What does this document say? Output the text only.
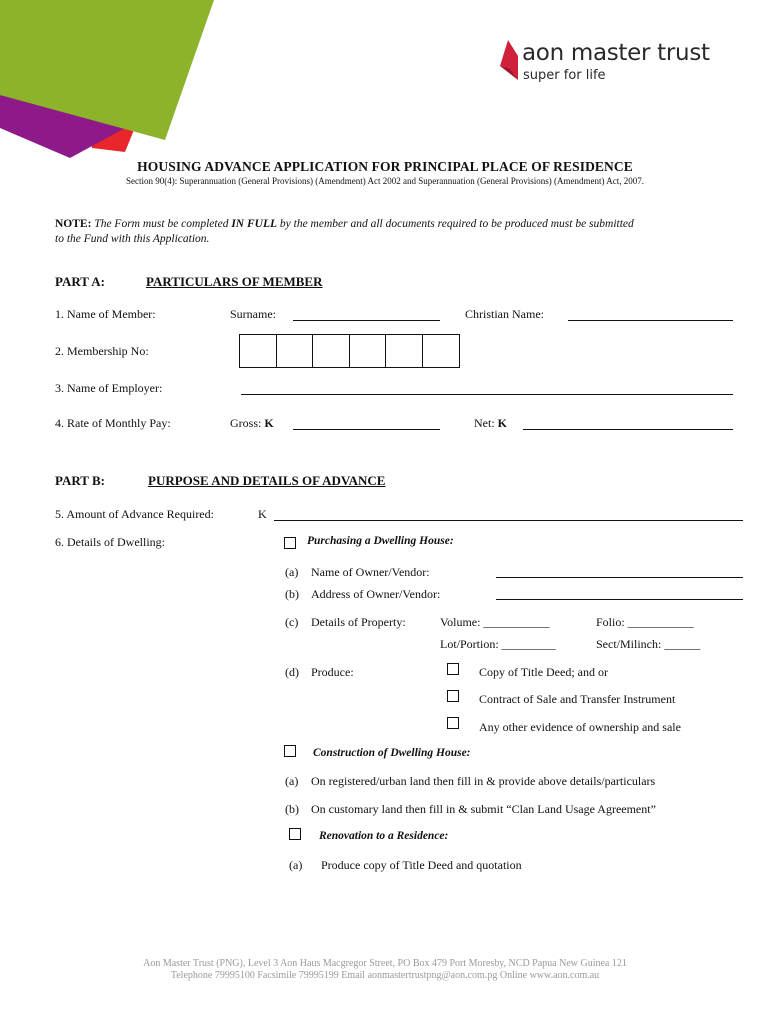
aon master trust
super for life
HOUSING ADVANCE APPLICATION FOR PRINCIPAL PLACE OF RESIDENCE
Section 90(4): Superannuation (General Provisions) (Amendment) Act 2002 and Superannuation (General Provisions) (Amendment) Act, 2007.
NOTE: The Form must be completed IN FULL by the member and all documents required to be produced must be submitted
to the Fund with this Application.
PART A:	PARTICULARS OF MEMBER
1. Name of Member:	Surname:	Christian Name:
2. Membership No:
3. Name of Employer:
4. Rate of Monthly Pay:	Gross: K	Net: K
PART B:	PURPOSE AND DETAILS OF ADVANCE
5. Amount of Advance Required:	K
6. Details of Dwelling:	Purchasing a Dwelling House:
(a) Name of Owner/Vendor:
(b) Address of Owner/Vendor:
(c) Details of Property:	Volume: ___________	Folio: ___________
Lot/Portion: _________	Sect/Milinch: ______
(d) Produce:	Copy of Title Deed; and or
Contract of Sale and Transfer Instrument
Any other evidence of ownership and sale
Construction of Dwelling House:
(a) On registered/urban land then fill in & provide above details/particulars
(b) On customary land then fill in & submit “Clan Land Usage Agreement”
Renovation to a Residence:
(a) Produce copy of Title Deed and quotation
Aon Master Trust (PNG), Level 3 Aon Haus Macgregor Street, PO Box 479 Port Moresby, NCD Papua New Guinea 121
Telephone 79995100 Facsimile 79995199 Email aonmastertrustpng@aon.com.pg Online www.aon.com.au
